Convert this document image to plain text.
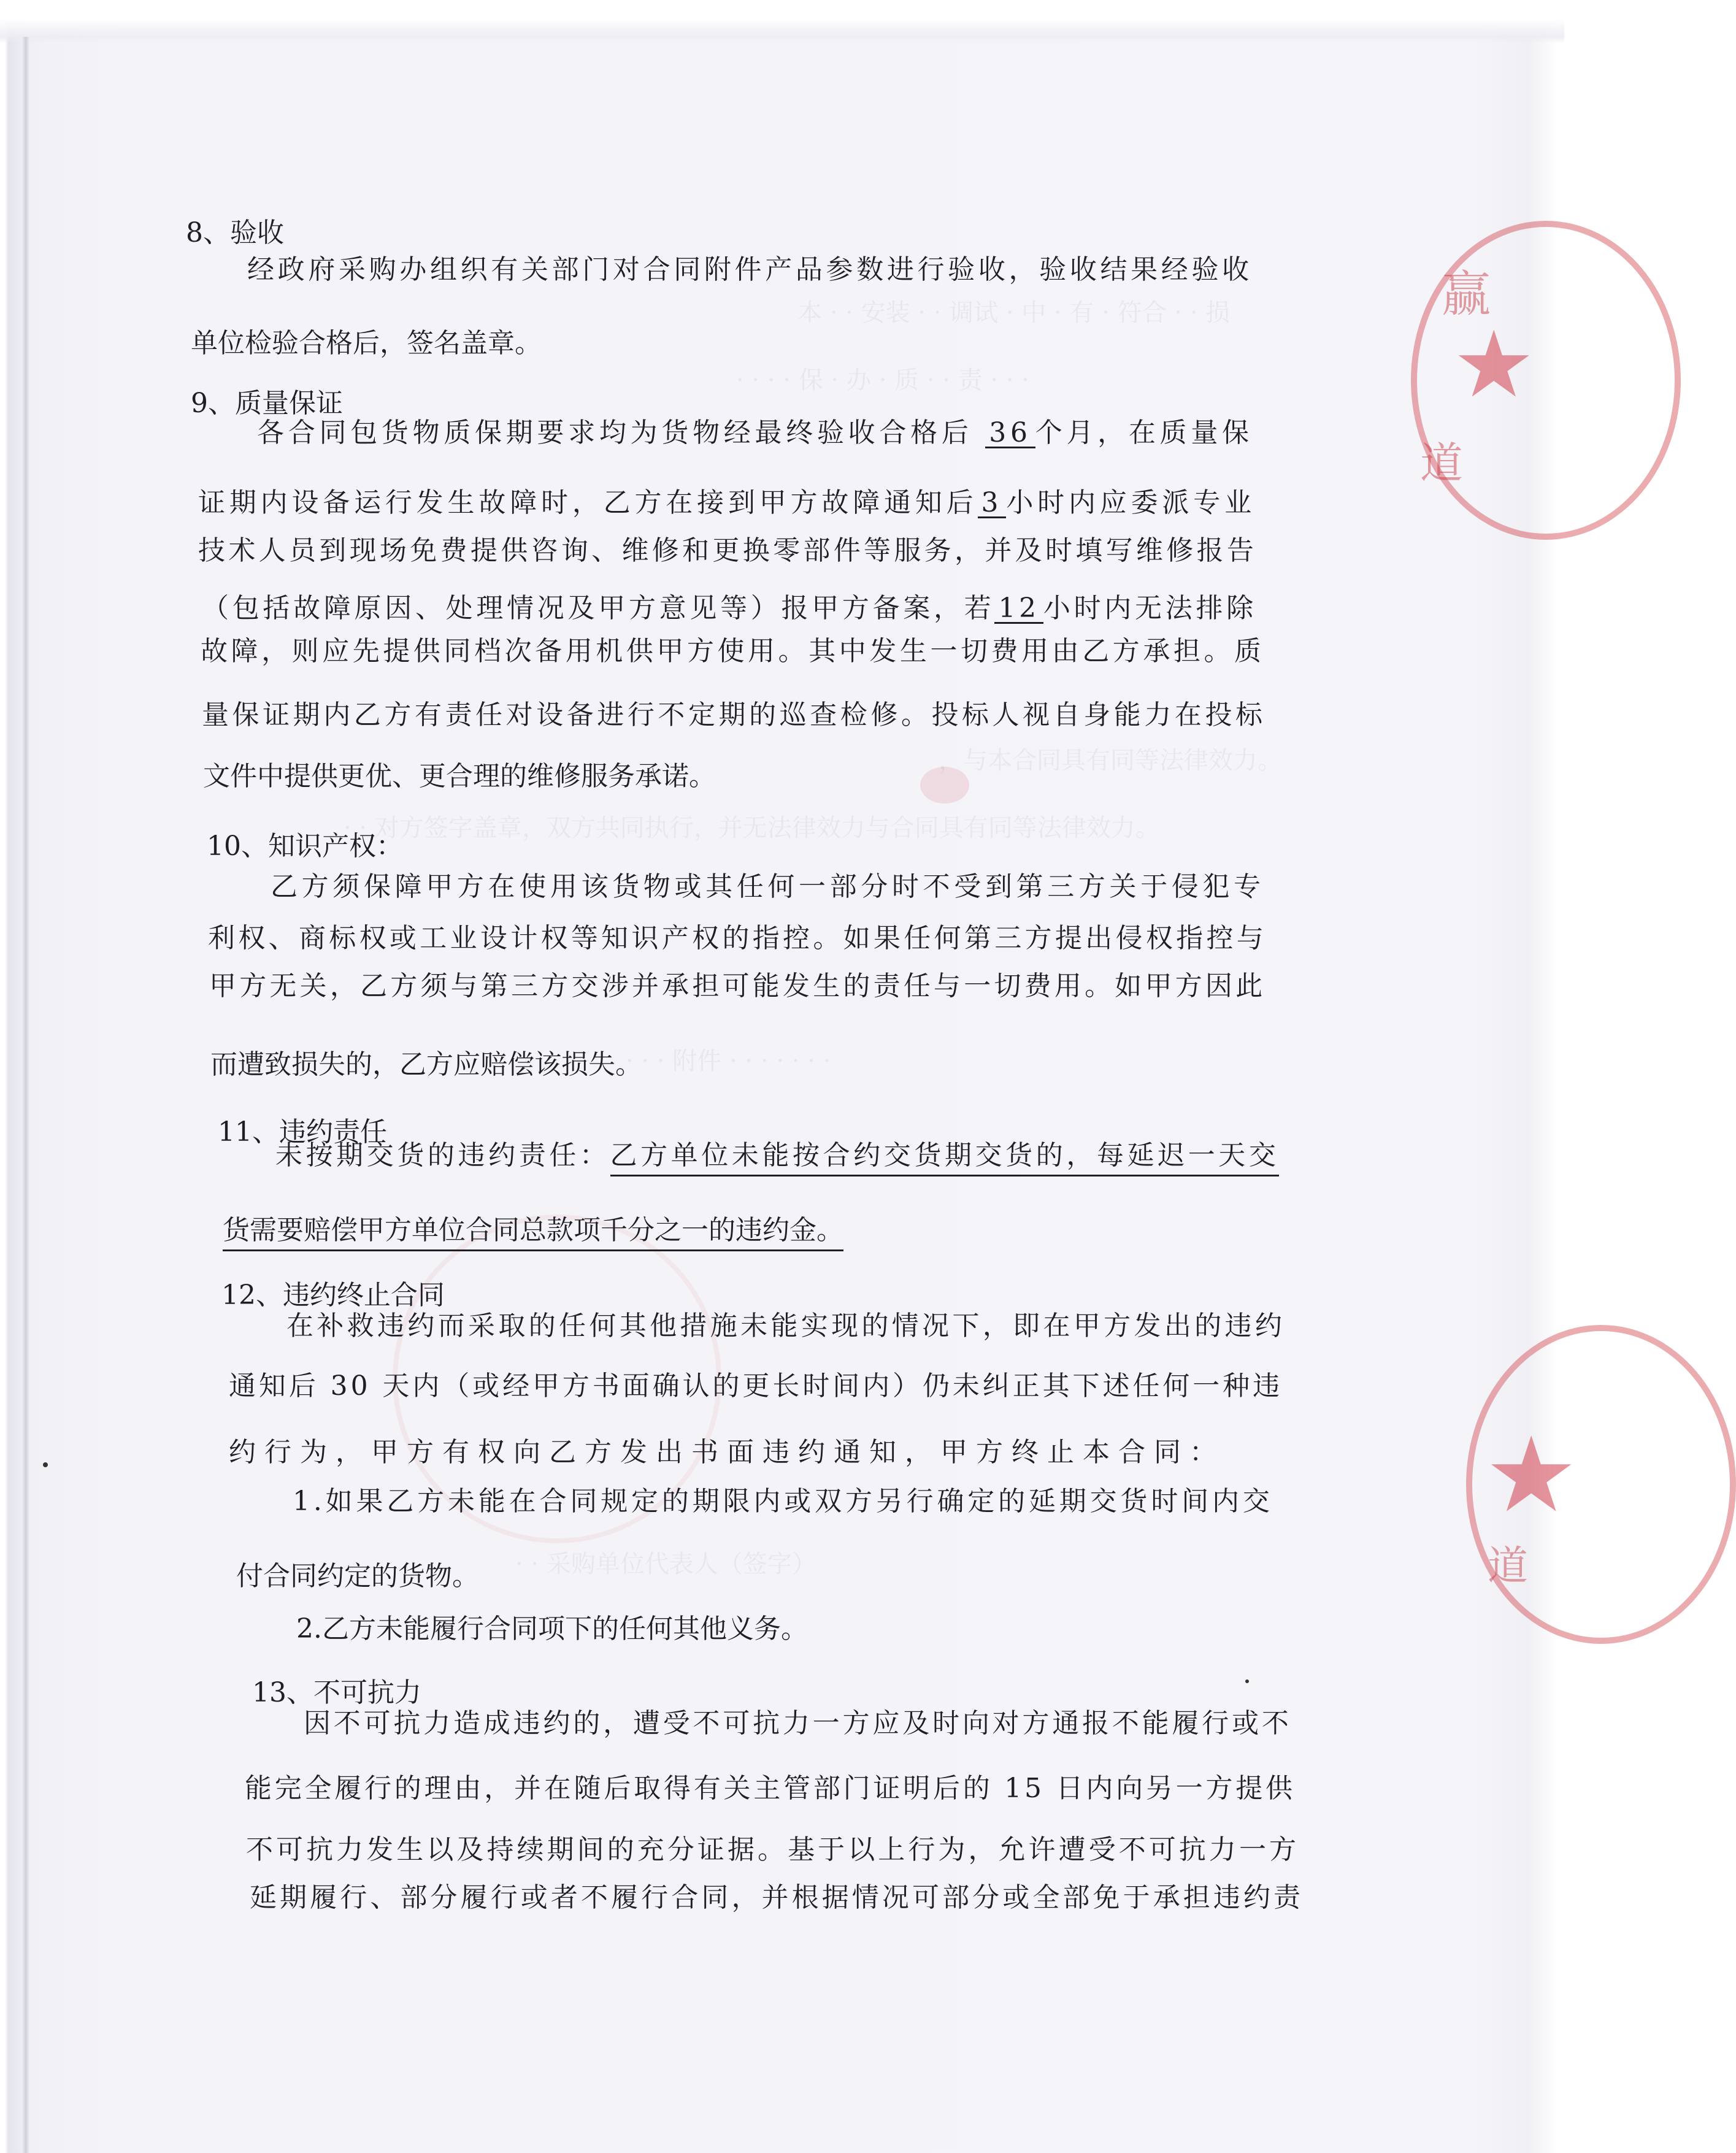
★
赢
道
★
道
本 · · 安装 · · 调试 · 中 · 有 · 符合 · · 损
· · · · 保 · 办 · 质 · · 责 · · ·
，与本合同具有同等法律效力。
· · 对方签字盖章，双方共同执行，并无法律效力与合同具有同等法律效力。
· · · 附件 · · · · · · ·
· · 采购单位代表人（签字）
8、验收
经政府采购办组织有关部门对合同附件产品参数进行验收，验收结果经验收
单位检验合格后，签名盖章。
9、质量保证
各合同包货物质保期要求均为货物经最终验收合格后 36 个月，在质量保
证期内设备运行发生故障时，乙方在接到甲方故障通知后 3 小时内应委派专业
技术人员到现场免费提供咨询、维修和更换零部件等服务，并及时填写维修报告
（包括故障原因、处理情况及甲方意见等）报甲方备案，若 12 小时内无法排除
故障，则应先提供同档次备用机供甲方使用。其中发生一切费用由乙方承担。质
量保证期内乙方有责任对设备进行不定期的巡查检修。投标人视自身能力在投标
文件中提供更优、更合理的维修服务承诺。
10、知识产权：
乙方须保障甲方在使用该货物或其任何一部分时不受到第三方关于侵犯专
利权、商标权或工业设计权等知识产权的指控。如果任何第三方提出侵权指控与
甲方无关，乙方须与第三方交涉并承担可能发生的责任与一切费用。如甲方因此
而遭致损失的，乙方应赔偿该损失。
11、违约责任
未按期交货的违约责任：乙方单位未能按合约交货期交货的，每延迟一天交
货需要赔偿甲方单位合同总款项千分之一的违约金。
12、违约终止合同
在补救违约而采取的任何其他措施未能实现的情况下，即在甲方发出的违约
通知后 30 天内（或经甲方书面确认的更长时间内）仍未纠正其下述任何一种违
约行为，甲方有权向乙方发出书面违约通知，甲方终止本合同：
1.如果乙方未能在合同规定的期限内或双方另行确定的延期交货时间内交
付合同约定的货物。
2.乙方未能履行合同项下的任何其他义务。
13、不可抗力
因不可抗力造成违约的，遭受不可抗力一方应及时向对方通报不能履行或不
能完全履行的理由，并在随后取得有关主管部门证明后的 15 日内向另一方提供
不可抗力发生以及持续期间的充分证据。基于以上行为，允许遭受不可抗力一方
延期履行、部分履行或者不履行合同，并根据情况可部分或全部免于承担违约责
